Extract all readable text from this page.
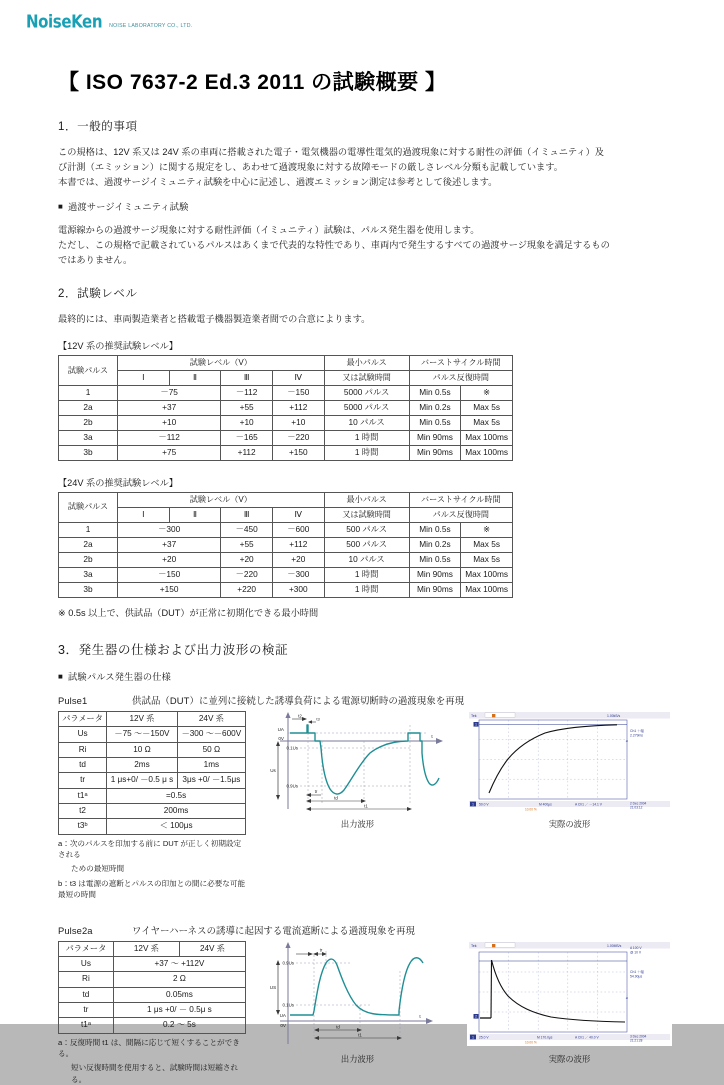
NoiseKen NOISE LABORATORY CO., LTD.
【 ISO 7637-2 Ed.3 2011 の試験概要 】
1．一般的事項

この規格は、12V 系又は 24V 系の車両に搭載された電子・電気機器の電導性電気的過渡現象に対する耐性の評価（イミュニティ）及
び計測（エミッション）に関する規定をし、あわせて過渡現象に対する故障モードの厳しさレベル分類も記載しています。
本書では、過渡サージイミュニティ試験を中心に記述し、過渡エミッション測定は参考として後述します。

■ 過渡サージイミュニティ試験

電源線からの過渡サージ現象に対する耐性評価（イミュニティ）試験は、パルス発生器を使用します。
ただし、この規格で記載されているパルスはあくまで代表的な特性であり、車両内で発生するすべての過渡サージ現象を満足するもの
ではありません。

2．試験レベル

最終的には、車両製造業者と搭載電子機器製造業者間での合意によります。

【12V 系の推奨試験レベル】

試験パルス	試験レベル（V）				最小パルス	バーストサイクル時間	
	Ⅰ	Ⅱ	Ⅲ	Ⅳ	又は試験時間	パルス反復時間	
1	－75		－112	－150	5000 パルス	Min 0.5s	※
2a	+37		+55	+112	5000 パルス	Min 0.2s	Max 5s
2b	+10		+10	+10	10 パルス	Min 0.5s	Max 5s
3a	－112		－165	－220	1 時間	Min 90ms	Max 100ms
3b	+75		+112	+150	1 時間	Min 90ms	Max 100ms

【24V 系の推奨試験レベル】

試験パルス	試験レベル（V）				最小パルス	バーストサイクル時間	
	Ⅰ	Ⅱ	Ⅲ	Ⅳ	又は試験時間	パルス反復時間	
1	－300		－450	－600	500 パルス	Min 0.5s	※
2a	+37		+55	+112	500 パルス	Min 0.2s	Max 5s
2b	+20		+20	+20	10 パルス	Min 0.5s	Max 5s
3a	－150		－220	－300	1 時間	Min 90ms	Max 100ms
3b	+150		+220	+300	1 時間	Min 90ms	Max 100ms

※ 0.5s 以上で、供試品（DUT）が正常に初期化できる最小時間

3．発生器の仕様および出力波形の検証

■ 試験パルス発生器の仕様

Pulse1	供試品（DUT）に並列に接続した誘導負荷による電源切断時の過渡現象を再現

パラメータ	12V 系	24V 系
Us	－75 ～－150V	－300 ～－600V
Ri	10 Ω	50 Ω
td	2ms	1ms
tr	1 μs+0/ －0.5 μ s	3μs +0/ －1.5μs
t1ᵃ	=0.5s	
t2	200ms	
t3ᵇ	＜ 100μs	

a：次のパルスを印加する前に DUT が正しく初期設定される

ための最短時間

b：t3 は電源の遮断とパルスの印加との間に必要な可能最短の時間

UA
0V
0.1Us
0.9Us
Us
tr
td
t1
t2
t3
t
出力波形
Tek	1.00kS/s
1
Ch1 ＋幅
2.279ms
◄
1 50.0 V	M 400μs	A Ch1 ／ －14.1 V	2 Dec 2004
21:03:12
10.00 %
実際の波形

Pulse2a	ワイヤーハーネスの誘導に起因する電流遮断による過渡現象を再現

パラメータ	12V 系	24V 系
Us	+37 ～ +112V	
Ri	2 Ω	
td	0.05ms	
tr	1 μs +0/ － 0.5μ s	
t1ᵃ	0.2 ～ 5s	

a：反復時間 t1 は、間隔に応じて短くすることができる。

短い反復時間を使用すると、試験時間は短縮される。

UA
0V
0.9Us
0.1Us
US
tr
td
t1
t
出力波形
Tek	1.00MS/s
2
A 100 V
@ 10 V
Ch1 ＋幅
54.90μs
◄
1 25.0 V	M 170.0μs	A Ch1 ／ 40.0 V	3 Dec 2004
21:21:28
10.00 %
実際の波形
